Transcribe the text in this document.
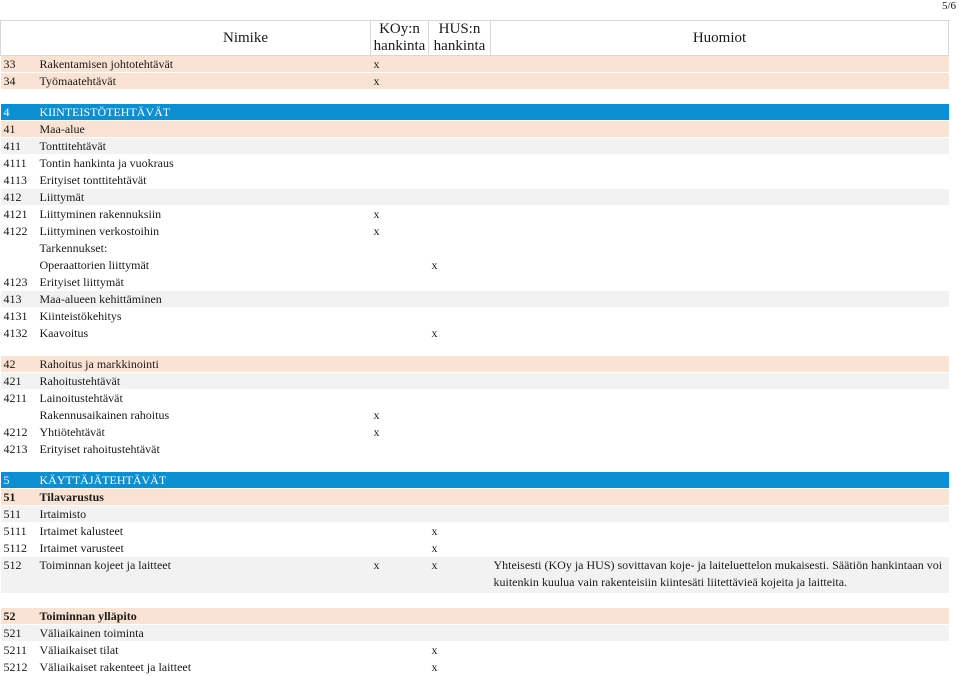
5/6
Nimike		KOy:n hankinta	HUS:n hankinta	Huomiot
33	Rakentamisen johtotehtävät	x		
34	Työmaatehtävät	x		

4	KIINTEISTÖTEHTÄVÄT			
41	Maa-alue			
411	Tonttitehtävät			
4111	Tontin hankinta ja vuokraus			
4113	Erityiset tonttitehtävät			
412	Liittymät			
4121	Liittyminen rakennuksiin	x		
4122	Liittyminen verkostoihin	x		
	Tarkennukset:			
	Operaattorien liittymät		x	
4123	Erityiset liittymät			
413	Maa-alueen kehittäminen			
4131	Kiinteistökehitys			
4132	Kaavoitus		x	

42	Rahoitus ja markkinointi			
421	Rahoitustehtävät			
4211	Lainoitustehtävät			
	Rakennusaikainen rahoitus	x		
4212	Yhtiötehtävät	x		
4213	Erityiset rahoitustehtävät			

5	KÄYTTÄJÄTEHTÄVÄT			
51	Tilavarustus			
511	Irtaimisto			
5111	Irtaimet kalusteet		x	
5112	Irtaimet varusteet		x	
512	Toiminnan kojeet ja laitteet	x	x	Yhteisesti (KOy ja HUS) sovittavan koje- ja laiteluettelon mukaisesti. Säätiön hankintaan voi kuitenkin kuulua vain rakenteisiin kiintesäti liitettävieä kojeita ja laitteita.

52	Toiminnan ylläpito			
521	Väliaikainen toiminta			
5211	Väliaikaiset tilat		x	
5212	Väliaikaiset rakenteet ja laitteet		x	
